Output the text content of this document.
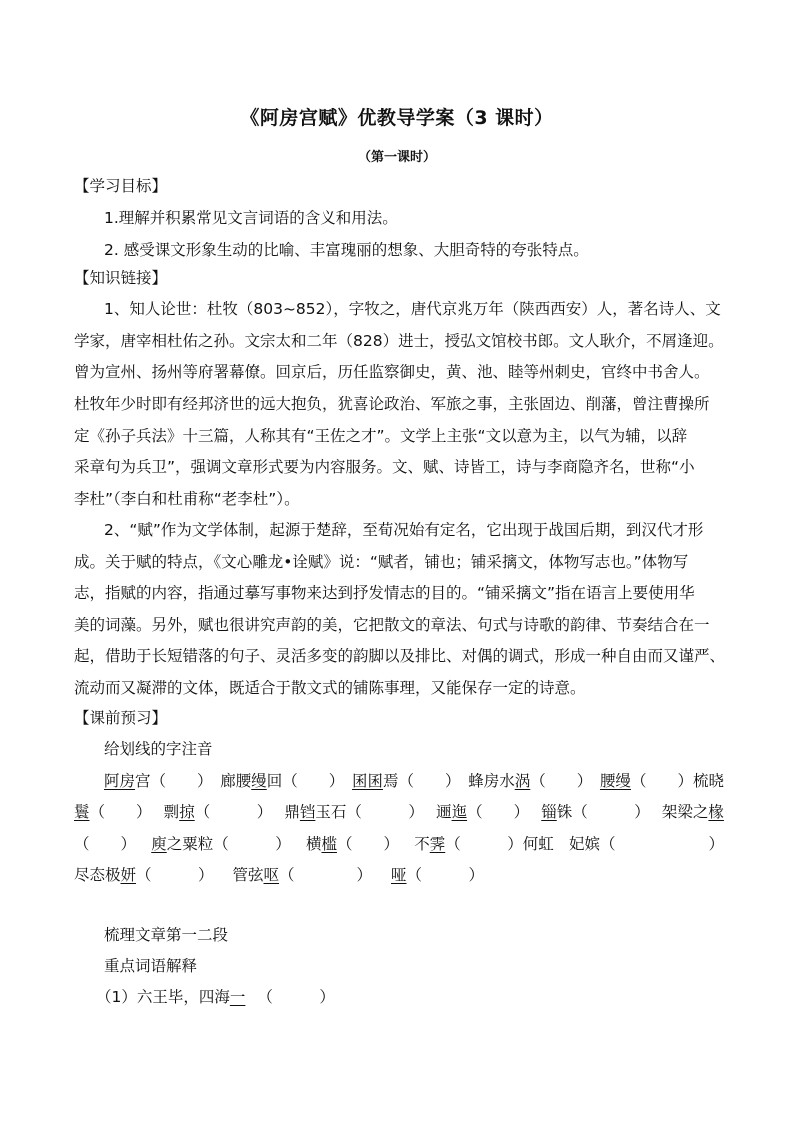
《阿房宫赋》优教导学案（3 课时）
（第一课时）
【学习目标】
1.理解并积累常见文言词语的含义和用法。
2. 感受课文形象生动的比喻、丰富瑰丽的想象、大胆奇特的夸张特点。
【知识链接】
1、知人论世：杜牧（803~852），字牧之，唐代京兆万年（陕西西安）人，著名诗人、文
学家，唐宰相杜佑之孙。文宗太和二年（828）进士，授弘文馆校书郎。文人耿介，不屑逢迎。
曾为宣州、扬州等府署幕僚。回京后，历任监察御史，黄、池、睦等州刺史，官终中书舍人。
杜牧年少时即有经邦济世的远大抱负，犹喜论政治、军旅之事，主张固边、削藩，曾注曹操所
定《孙子兵法》十三篇，人称其有“王佐之才”。文学上主张“文以意为主，以气为辅，以辞
采章句为兵卫”，强调文章形式要为内容服务。文、赋、诗皆工，诗与李商隐齐名，世称“小
李杜”（李白和杜甫称“老李杜”）。
2、“赋”作为文学体制，起源于楚辞，至荀况始有定名，它出现于战国后期，到汉代才形
成。关于赋的特点，《文心雕龙•诠赋》说：“赋者，铺也；铺采摛文，体物写志也。”体物写
志，指赋的内容，指通过摹写事物来达到抒发情志的目的。“铺采摛文”指在语言上要使用华
美的词藻。另外，赋也很讲究声韵的美，它把散文的章法、句式与诗歌的韵律、节奏结合在一
起，借助于长短错落的句子、灵活多变的韵脚以及排比、对偶的调式，形成一种自由而又谨严、
流动而又凝滞的文体，既适合于散文式的铺陈事理，又能保存一定的诗意。
【课前预习】
给划线的字注音
阿房宫（　　） 廊腰缦回（　　） 囷囷焉（　　） 蜂房水涡（　　） 腰缦（　　）梳晓
鬟（　　） 剽掠（　　　） 鼎铛玉石（　　　） 逦迤（　　） 锱铢（　　　） 架梁之椽
（　　） 庾之粟粒（　　　） 横槛（　　） 不霁（　　　）何虹 妃嫔（　　　　　　）
尽态极妍（　　　） 管弦呕（　　　　） 哑（　　　）
梳理文章第一二段
重点词语解释
（1）六王毕，四海一 （　　　）
